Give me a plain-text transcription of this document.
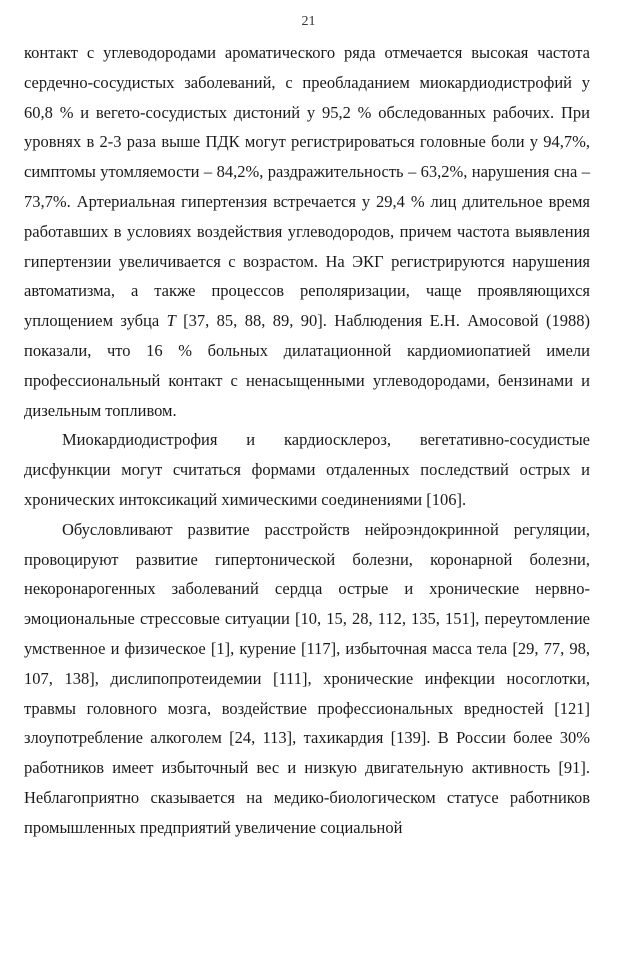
21

контакт с углеводородами ароматического ряда отмечается высокая частота сердечно-сосудистых заболеваний, с преобладанием миокардиодистрофий у 60,8 % и вегето-сосудистых дистоний у 95,2 % обследованных рабочих. При уровнях в 2-3 раза выше ПДК могут регистрироваться головные боли у 94,7%, симптомы утомляемости – 84,2%, раздражительность – 63,2%, нарушения сна – 73,7%. Артериальная гипертензия встречается у 29,4 % лиц длительное время работавших в условиях воздействия углеводородов, причем частота выявления гипертензии увеличивается с возрастом. На ЭКГ регистрируются нарушения автоматизма, а также процессов реполяризации, чаще проявляющихся уплощением зубца Т [37, 85, 88, 89, 90]. Наблюдения Е.Н. Амосовой (1988) показали, что 16 % больных дилатационной кардиомиопатией имели профессиональный контакт с ненасыщенными углеводородами, бензинами и дизельным топливом.

Миокардиодистрофия и кардиосклероз, вегетативно-сосудистые дисфункции могут считаться формами отдаленных последствий острых и хронических интоксикаций химическими соединениями [106].

Обусловливают развитие расстройств нейроэндокринной регуляции, провоцируют развитие гипертонической болезни, коронарной болезни, некоронарогенных заболеваний сердца острые и хронические нервно-эмоциональные стрессовые ситуации [10, 15, 28, 112, 135, 151], переутомление умственное и физическое [1], курение [117], избыточная масса тела [29, 77, 98, 107, 138], дислипопротеидемии [111], хронические инфекции носоглотки, травмы головного мозга, воздействие профессиональных вредностей [121] злоупотребление алкоголем [24, 113], тахикардия [139]. В России более 30% работников имеет избыточный вес и низкую двигательную активность [91]. Неблагоприятно сказывается на медико-биологическом статусе работников промышленных предприятий увеличение социальной
